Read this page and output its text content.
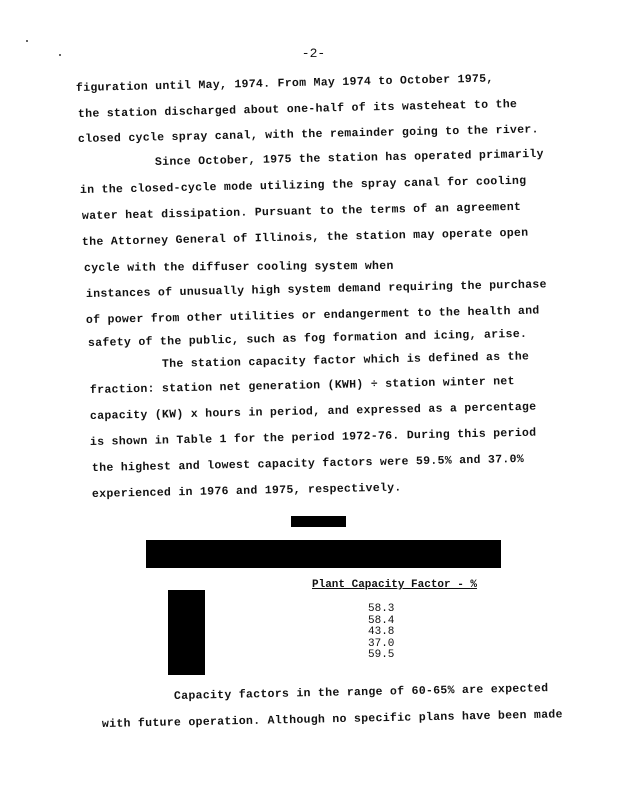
-2-
figuration until May, 1974. From May 1974 to October 1975,
the station discharged about one-half of its wasteheat to the
closed cycle spray canal, with the remainder going to the river.
Since October, 1975 the station has operated primarily
in the closed-cycle mode utilizing the spray canal for cooling
water heat dissipation. Pursuant to the terms of an agreement
the Attorney General of Illinois, the station may operate open
cycle with the diffuser cooling system when
instances of unusually high system demand requiring the purchase
of power from other utilities or endangerment to the health and
safety of the public, such as fog formation and icing, arise.
The station capacity factor which is defined as the
fraction: station net generation (KWH) ÷ station winter net
capacity (KW) x hours in period, and expressed as a percentage
is shown in Table 1 for the period 1972-76. During this period
the highest and lowest capacity factors were 59.5% and 37.0%
experienced in 1976 and 1975, respectively.
Plant Capacity Factor - %
58.3
58.4
43.8
37.0
59.5
Capacity factors in the range of 60-65% are expected
with future operation. Although no specific plans have been made
